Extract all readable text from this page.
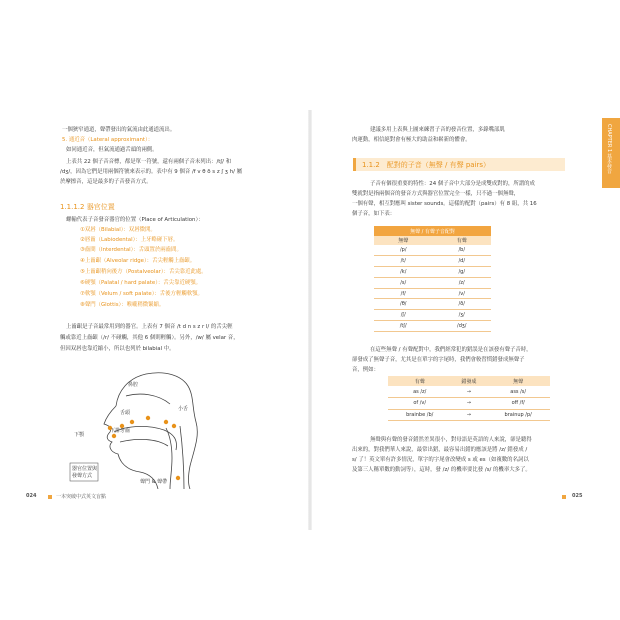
一個狹窄通道，聲帶發出的氣流由此通道流出。
5. 通近音（Lateral approximant）：
如同通近音，但氣流通過舌頭的兩側。
上表共 22 個子音音標，都是單一符號，還有兩個子音未列出：/tʃ/ 和
/dʒ/，因為它們是用兩個符號來表示的。表中有 9 個音 /f v θ ð s z ʃ ʒ h/ 屬
於摩擦音，這是最多的子音發音方式。
1.1.1.2 器官位置
螺輸代表子音發音器官的位置（Place of Articulation）：
①双唇（Bilabial）：双唇微開。
②唇齒（Labiodental）：上牙略碰下唇。
③齒間（Interdental）：舌頭置於兩齒間。
④上齒齦（Alveolar ridge）：舌尖輕觸上齒齦。
⑤上齒齦稍向後方（Postalveolar）：舌尖靠近此處。
⑥硬顎（Palatal / hard palate）：舌尖靠近硬顎。
⑦軟顎（Velum / soft palate）：舌後方輕觸軟顎。
⑧聲門（Glottis）：喉嚨稍微緊縮。
上齒齦是子音最常用到的器官。上表有 7 個音 /t d n s z r l/ 的舌尖輕
觸或靠近上齒齦（/r/ 不碰觸，其他 6 個則輕觸）。另外，/w/ 屬 velar 音，
但因双唇也靠近縮小，所以也列於 bilabial 中。
鼻腔
舌頭
小舌
下排牙齒
下顎
器官位置與
發聲方式
聲門 & 聲帶
024	一本突破中式英文盲點
建議多用上表與上圖來練習子音的發音位置，多錄嘴部肌
肉運動，相信絕對會有極大的助益和嶄新的體會。
1.1.2　配對的子音（無聲 / 有聲 pairs）
子音有個很重要的特性：24 個子音中大部分是成雙成對的，所謂的成
雙就對是指兩個音的發音方式與器官位置完全一樣，只不過一個無聲，
一個有聲，相互對應叫 sister sounds。這樣的配對（pairs）有 8 組，共 16
個子音，如下表：
無聲 / 有聲子音配對	
無聲	有聲
/p/	/b/
/t/	/d/
/k/	/g/
/s/	/z/
/f/	/v/
/θ/	/ð/
/ʃ/	/ʒ/
/tʃ/	/dʒ/
在這些無聲 / 有聲配對中，我們經常犯的錯誤是在該發有聲子音時，
卻發成了無聲子音，尤其是在單字的字尾時，我們會較習慣錯發成無聲子
音，例如：
有聲	錯發成	無聲
as /z/	→	ass /s/
of /v/	→	off /f/
brainbe /b/	→	brainup /p/
無聲與有聲的發音錯然差異很小，對母語是英語的人來說，卻是聽得
出來的，對我們華人來說，最常出錯，最容易出錯的應該是將 /z/ 錯發成 /
s/ 了！英文單有許多情況，單字的字尾會改變成 s 或 es（如複數的名詞以
及第三人稱單數的動詞等），這時，發 /z/ 的機率要比發 /s/ 的機率大多了。
CHAPTER 1 基本發音
025
